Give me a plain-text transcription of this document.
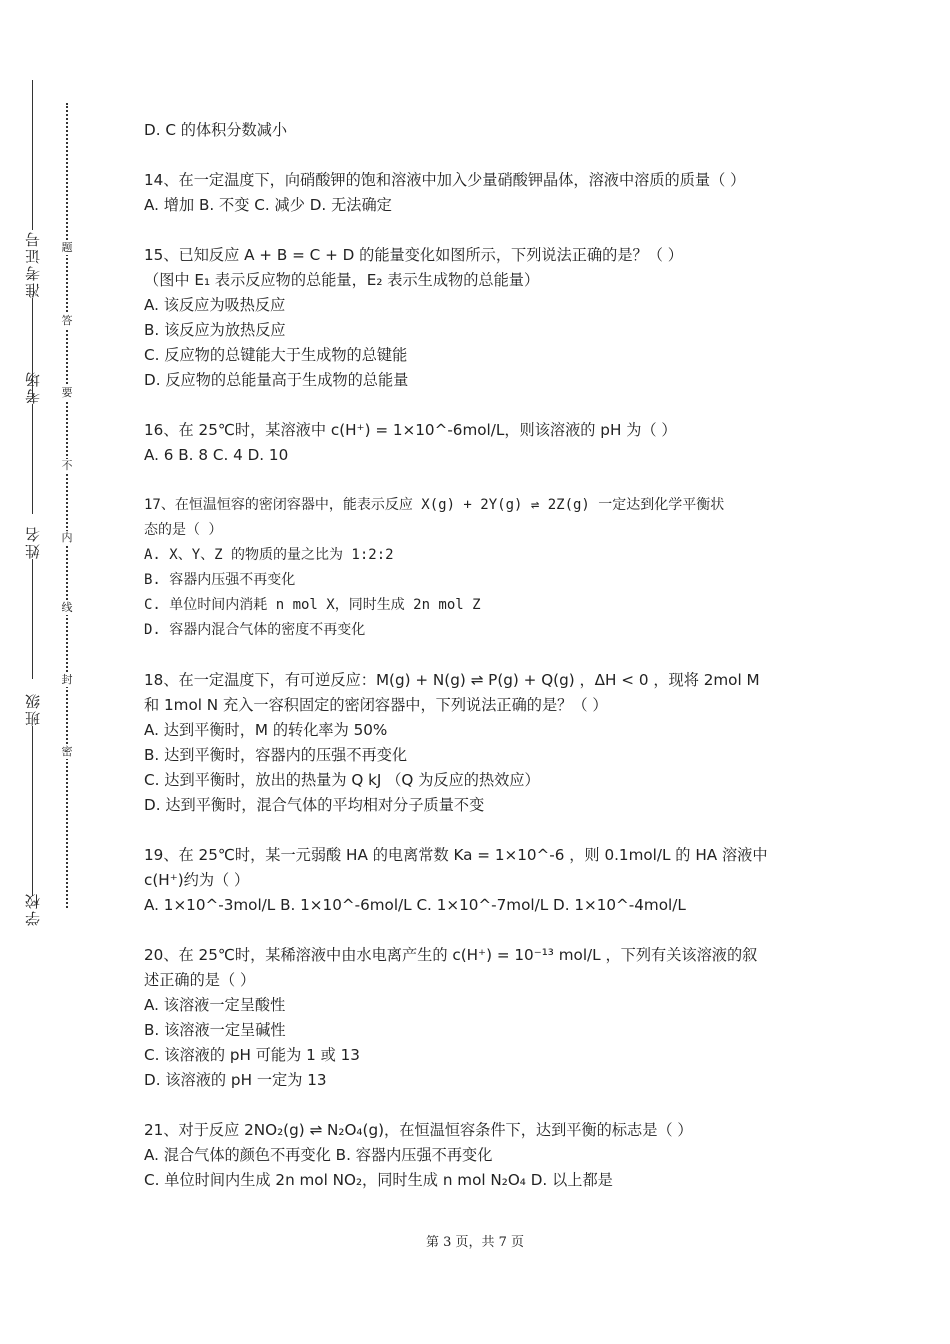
准考证号
考场
姓名
班级
学校
题
答
要
不
内
线
封
密

D. C 的体积分数减小

14、在一定温度下，向硝酸钾的饱和溶液中加入少量硝酸钾晶体，溶液中溶质的质量（ ）

A. 增加 B. 不变 C. 减少 D. 无法确定

15、已知反应 A + B = C + D 的能量变化如图所示，下列说法正确的是？（ ）

（图中 E₁ 表示反应物的总能量，E₂ 表示生成物的总能量）

A. 该反应为吸热反应

B. 该反应为放热反应

C. 反应物的总键能大于生成物的总键能

D. 反应物的总能量高于生成物的总能量

16、在 25℃时，某溶液中 c(H⁺) = 1×10^-6mol/L，则该溶液的 pH 为（ ）

A. 6 B. 8 C. 4 D. 10

17、在恒温恒容的密闭容器中，能表示反应 X(g) + 2Y(g) ⇌ 2Z(g) 一定达到化学平衡状

态的是（ ）

A. X、Y、Z 的物质的量之比为 1:2:2

B. 容器内压强不再变化

C. 单位时间内消耗 n mol X，同时生成 2n mol Z

D. 容器内混合气体的密度不再变化

18、在一定温度下，有可逆反应：M(g) + N(g) ⇌ P(g) + Q(g) ，ΔH < 0 ，现将 2mol M

和 1mol N 充入一容积固定的密闭容器中，下列说法正确的是？（ ）

A. 达到平衡时，M 的转化率为 50%

B. 达到平衡时，容器内的压强不再变化

C. 达到平衡时，放出的热量为 Q kJ （Q 为反应的热效应）

D. 达到平衡时，混合气体的平均相对分子质量不变

19、在 25℃时，某一元弱酸 HA 的电离常数 Ka = 1×10^-6 ，则 0.1mol/L 的 HA 溶液中

c(H⁺)约为（ ）

A. 1×10^-3mol/L B. 1×10^-6mol/L C. 1×10^-7mol/L D. 1×10^-4mol/L

20、在 25℃时，某稀溶液中由水电离产生的 c(H⁺) = 10⁻¹³ mol/L ，下列有关该溶液的叙

述正确的是（ ）

A. 该溶液一定呈酸性

B. 该溶液一定呈碱性

C. 该溶液的 pH 可能为 1 或 13

D. 该溶液的 pH 一定为 13

21、对于反应 2NO₂(g) ⇌ N₂O₄(g)，在恒温恒容条件下，达到平衡的标志是（ ）

A. 混合气体的颜色不再变化 B. 容器内压强不再变化

C. 单位时间内生成 2n mol NO₂，同时生成 n mol N₂O₄ D. 以上都是

第 3 页，共 7 页
